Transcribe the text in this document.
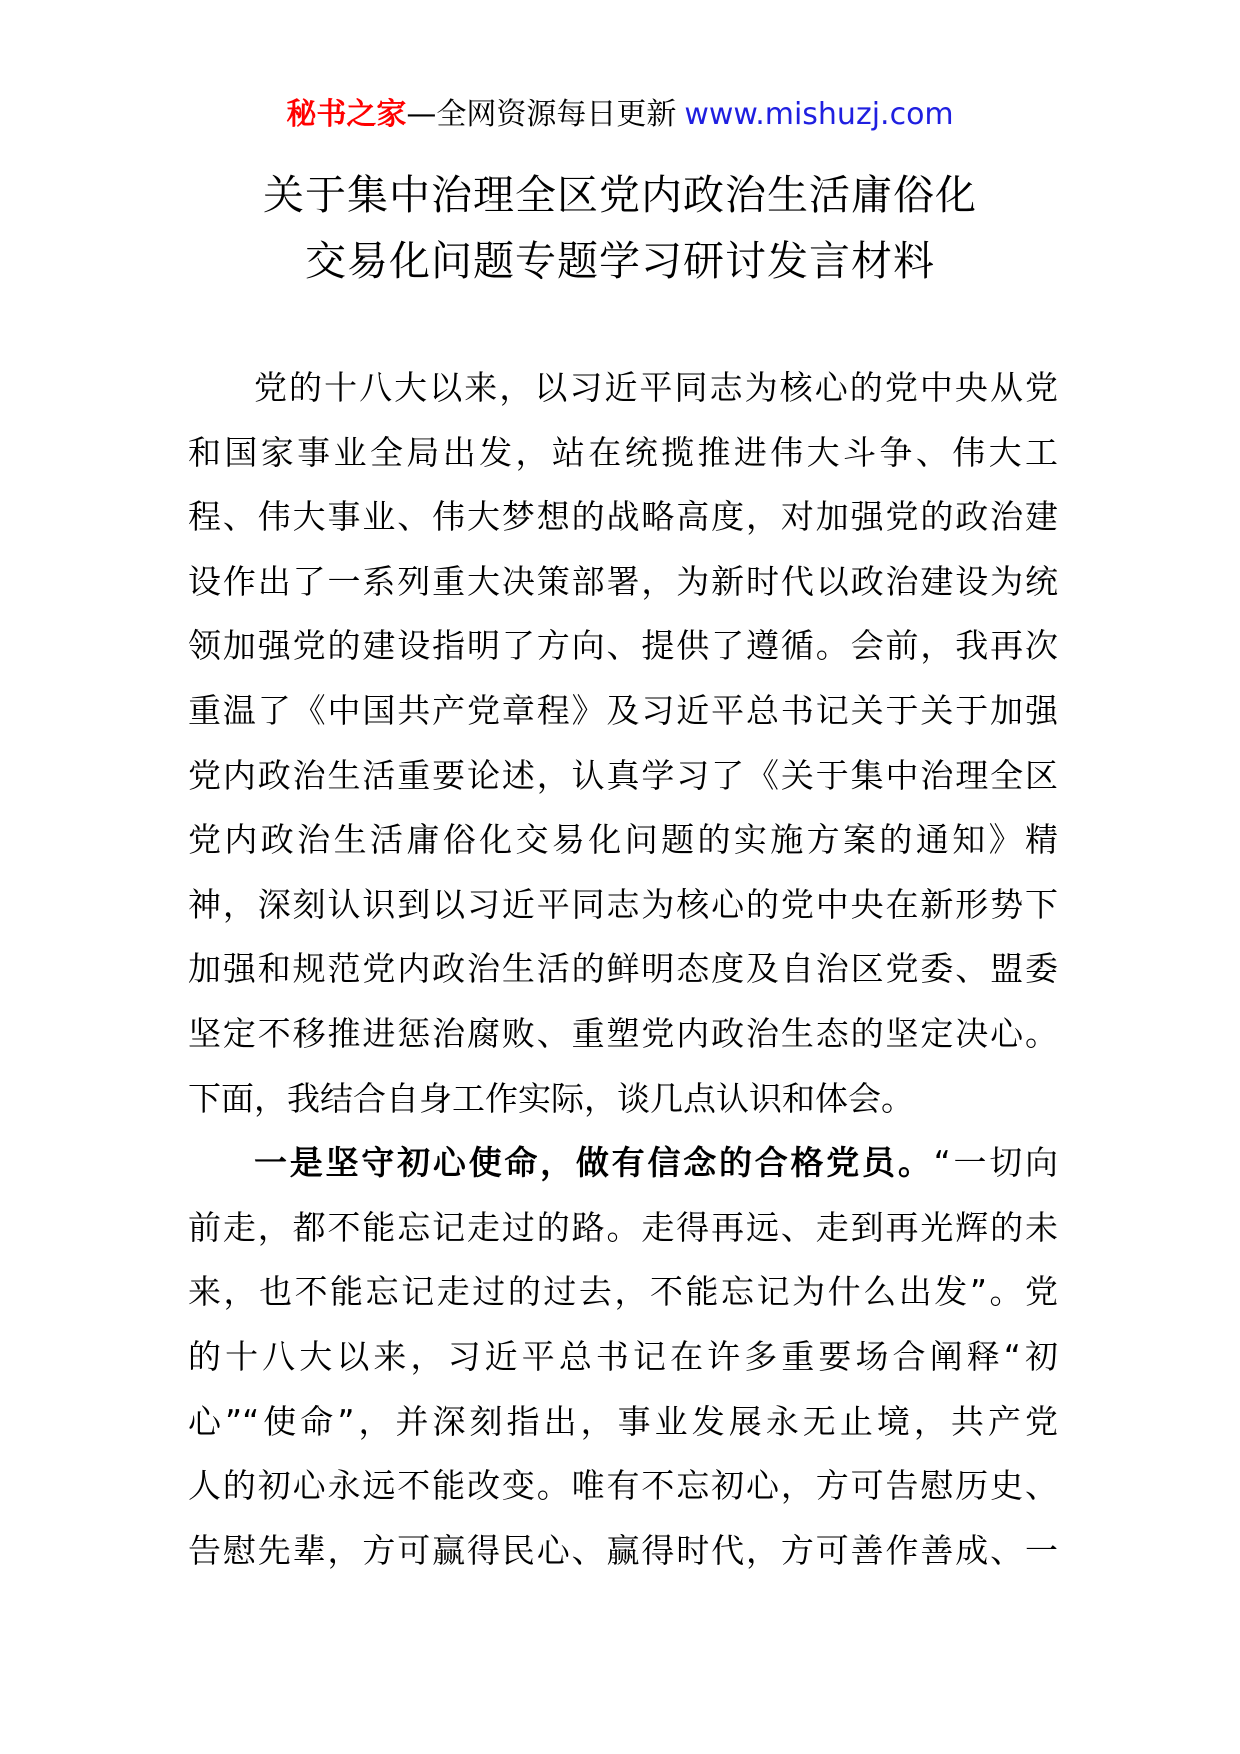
秘书之家—全网资源每日更新 www.mishuzj.com
关于集中治理全区党内政治生活庸俗化
交易化问题专题学习研讨发言材料
党的十八大以来，以习近平同志为核心的党中央从党
和国家事业全局出发，站在统揽推进伟大斗争、伟大工
程、伟大事业、伟大梦想的战略高度，对加强党的政治建
设作出了一系列重大决策部署，为新时代以政治建设为统
领加强党的建设指明了方向、提供了遵循。会前，我再次
重温了《中国共产党章程》及习近平总书记关于关于加强
党内政治生活重要论述，认真学习了《关于集中治理全区
党内政治生活庸俗化交易化问题的实施方案的通知》精
神，深刻认识到以习近平同志为核心的党中央在新形势下
加强和规范党内政治生活的鲜明态度及自治区党委、盟委
坚定不移推进惩治腐败、重塑党内政治生态的坚定决心。
下面，我结合自身工作实际，谈几点认识和体会。
一是坚守初心使命，做有信念的合格党员。“一切向
前走，都不能忘记走过的路。走得再远、走到再光辉的未
来，也不能忘记走过的过去，不能忘记为什么出发”。党
的十八大以来，习近平总书记在许多重要场合阐释“初
心”“使命”，并深刻指出，事业发展永无止境，共产党
人的初心永远不能改变。唯有不忘初心，方可告慰历史、
告慰先辈，方可赢得民心、赢得时代，方可善作善成、一
